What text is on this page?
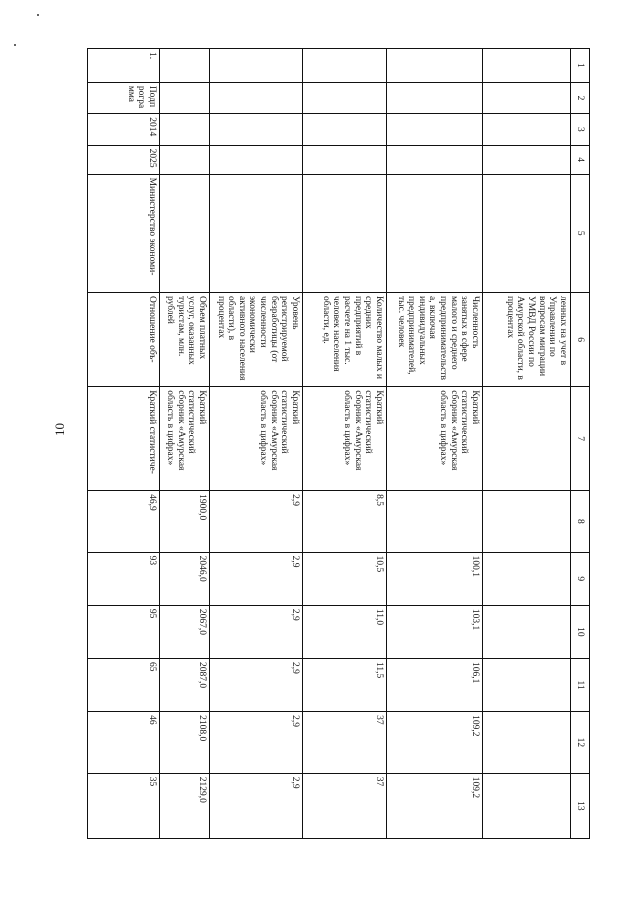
10
1	2	3	4	5	6	7	8	9	10	11	12	13
					ленных на учет в Управлении по вопросам миграции УМВД России по Амурской области, в процентах							
					Численность занятых в сфере малого и среднего предпринимательства, включая индивидуальных предпринимателей, тыс. человек	Краткий статистический сборник «Амурская область в цифрах»		100,1	103,1	106,1	109,2	109,2
					Количество малых и средних предприятий в расчете на 1 тыс. человек населения области, ед.	Краткий статистический сборник «Амурская область в цифрах»	8,5	10,5	11,0	11,5	37	37
					Уровень регистрируемой безработицы (от численности экономически активного населения области), в процентах	Краткий статистический сборник «Амурская область в цифрах»	2,9	2,9	2,9	2,9	2,9	2,9
					Объем платных услуг, оказанных туристам, млн. рублей	Краткий статистический сборник «Амурская область в цифрах»	1900,0	2046,0	2067,0	2087,0	2108,0	2129,0
1.	Подпрограмма	2014	2025	Министерство экономи-	Отношение объ-	Краткий статистиче-	46,9	93	95	65	46	35
